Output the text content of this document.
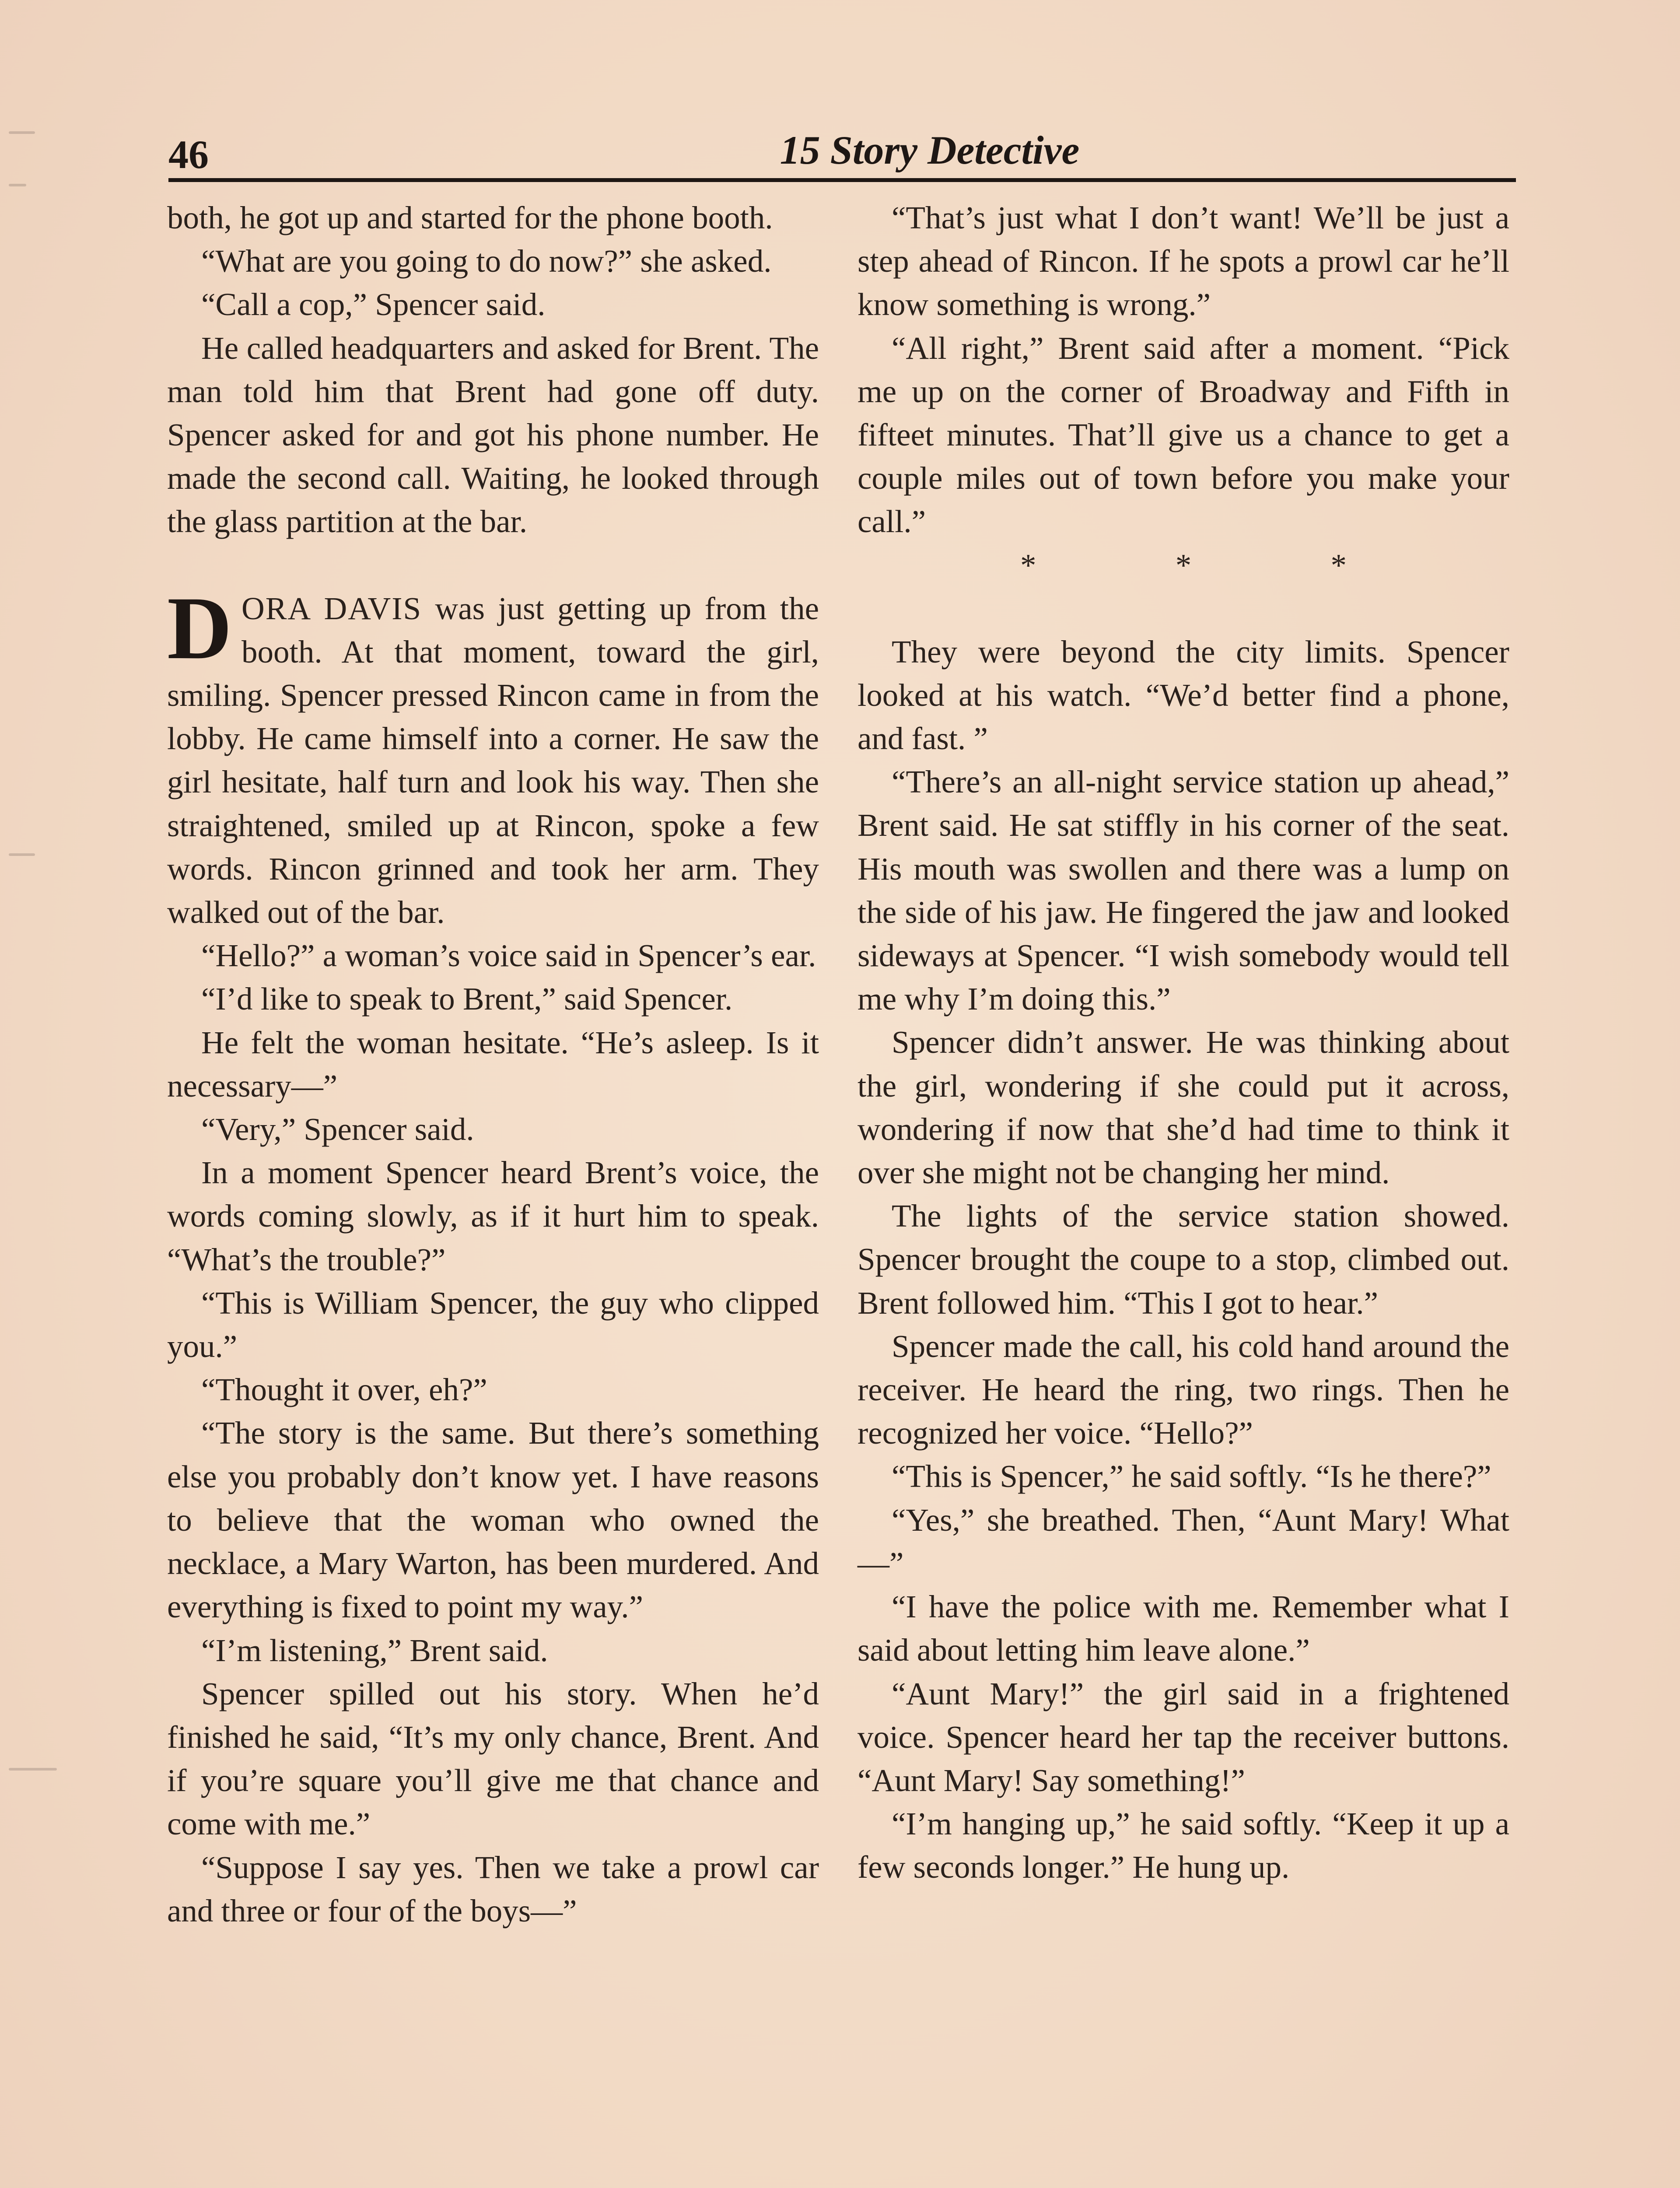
46	15 Story Detective

both, he got up and started for the phone booth.

“What are you going to do now?” she asked.

“Call a cop,” Spencer said.

He called headquarters and asked for Brent. The man told him that Brent had gone off duty. Spencer asked for and got his phone number. He made the second call. Waiting, he looked through the glass partition at the bar.

DORA DAVIS was just getting up from the booth. At that moment, toward the girl, smiling. Spencer pressed Rincon came in from the lobby. He came himself into a corner. He saw the girl hesitate, half turn and look his way. Then she straightened, smiled up at Rincon, spoke a few words. Rincon grinned and took her arm. They walked out of the bar.

“Hello?” a woman’s voice said in Spencer’s ear.

“I’d like to speak to Brent,” said Spencer.

He felt the woman hesitate. “He’s asleep. Is it necessary—”

“Very,” Spencer said.

In a moment Spencer heard Brent’s voice, the words coming slowly, as if it hurt him to speak. “What’s the trouble?”

“This is William Spencer, the guy who clipped you.”

“Thought it over, eh?”

“The story is the same. But there’s something else you probably don’t know yet. I have reasons to believe that the woman who owned the necklace, a Mary Warton, has been murdered. And everything is fixed to point my way.”

“I’m listening,” Brent said.

Spencer spilled out his story. When he’d finished he said, “It’s my only chance, Brent. And if you’re square you’ll give me that chance and come with me.”

“Suppose I say yes. Then we take a prowl car and three or four of the boys—”

“That’s just what I don’t want! We’ll be just a step ahead of Rincon. If he spots a prowl car he’ll know something is wrong.”

“All right,” Brent said after a moment. “Pick me up on the corner of Broadway and Fifth in fifteet minutes. That’ll give us a chance to get a couple miles out of town before you make your call.”

* * *

They were beyond the city limits. Spencer looked at his watch. “We’d better find a phone, and fast. ”

“There’s an all-night service station up ahead,” Brent said. He sat stiffly in his corner of the seat. His mouth was swollen and there was a lump on the side of his jaw. He fingered the jaw and looked sideways at Spencer. “I wish somebody would tell me why I’m doing this.”

Spencer didn’t answer. He was thinking about the girl, wondering if she could put it across, wondering if now that she’d had time to think it over she might not be changing her mind.

The lights of the service station showed. Spencer brought the coupe to a stop, climbed out. Brent followed him. “This I got to hear.”

Spencer made the call, his cold hand around the receiver. He heard the ring, two rings. Then he recognized her voice. “Hello?”

“This is Spencer,” he said softly. “Is he there?”

“Yes,” she breathed. Then, “Aunt Mary! What—”

“I have the police with me. Remember what I said about letting him leave alone.”

“Aunt Mary!” the girl said in a frightened voice. Spencer heard her tap the receiver buttons. “Aunt Mary! Say something!”

“I’m hanging up,” he said softly. “Keep it up a few seconds longer.” He hung up.
